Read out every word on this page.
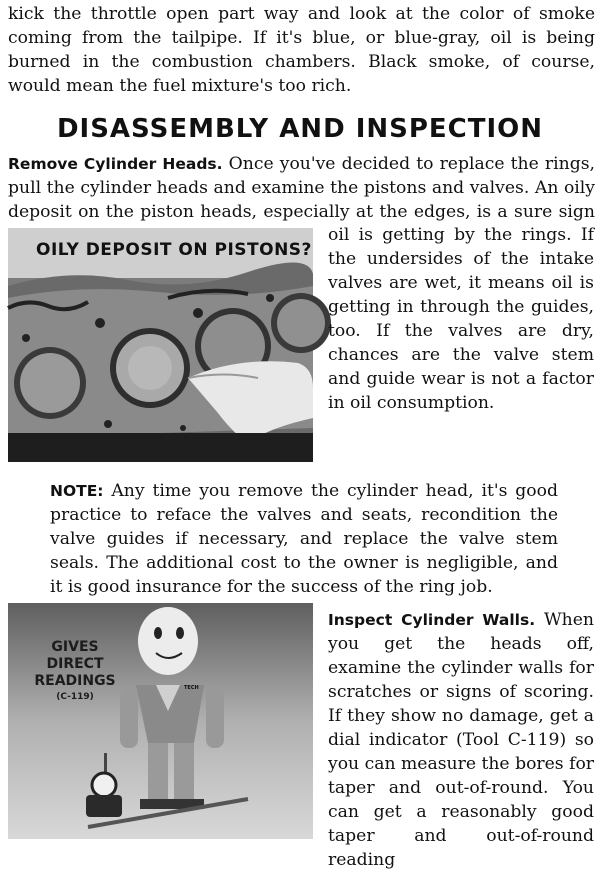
kick the throttle open part way and look at the color of smoke coming from the tailpipe. If it's blue, or blue-gray, oil is being burned in the combustion chambers. Black smoke, of course, would mean the fuel mixture's too rich.

DISASSEMBLY AND INSPECTION

Remove Cylinder Heads. Once you've decided to replace the rings, pull the cylinder heads and examine the pistons and valves. An oily deposit on the piston heads, especially at the edges, is a sure sign

OILY DEPOSIT ON PISTONS?

oil is getting by the rings. If the undersides of the intake valves are wet, it means oil is getting in through the guides, too. If the valves are dry, chances are the valve stem and guide wear is not a factor in oil consumption.

NOTE: Any time you remove the cylinder head, it's good practice to reface the valves and seats, recondition the valve guides if necessary, and replace the valve stem seals. The additional cost to the owner is negligible, and it is good insurance for the success of the ring job.

GIVES
DIRECT READINGS
(C-119)
TECH

Inspect Cylinder Walls. When you get the heads off, examine the cylinder walls for scratches or signs of scoring. If they show no damage, get a dial indicator (Tool C-119) so you can measure the bores for taper and out-of-round. You can get a reasonably good taper and out-of-round reading
